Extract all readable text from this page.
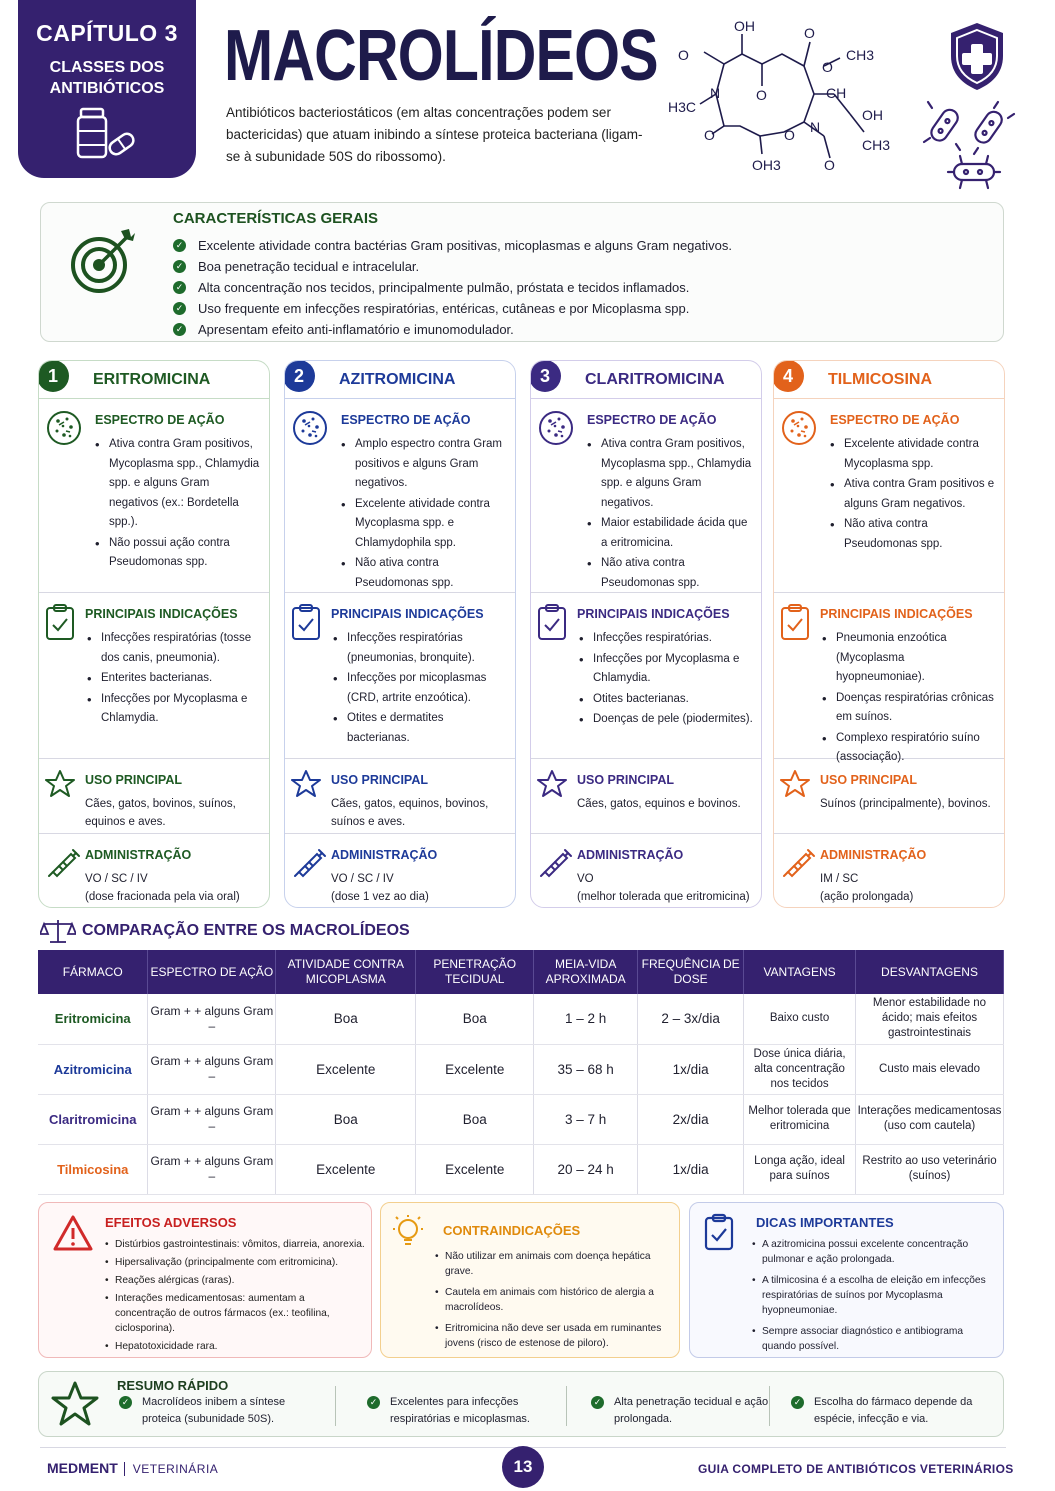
CAPÍTULO 3
CLASSES DOS ANTIBIÓTICOS MACROLÍDEOS
Antibióticos bacteriostáticos (em altas concentrações podem ser bactericidas) que atuam inibindo a síntese proteica bacteriana (ligam-se à subunidade 50S do ribossomo).
OH	O
O
CH3
H3C
N
O
O	CH
OH
CH3
O	N
OH3	O
O
CARACTERÍSTICAS GERAIS
✓ Excelente atividade contra bactérias Gram positivas, micoplasmas e alguns Gram negativos.
✓ Boa penetração tecidual e intracelular.
✓ Alta concentração nos tecidos, principalmente pulmão, próstata e tecidos inflamados.
✓ Uso frequente em infecções respiratórias, entéricas, cutâneas e por Micoplasma spp.
✓ Apresentam efeito anti-inflamatório e imunomodulador.
1	ERITROMICINA
ESPECTRO DE AÇÃO
• Ativa contra Gram positivos, Mycoplasma spp., Chlamydia spp. e alguns Gram negativos (ex.: Bordetella spp.).
• Não possui ação contra Pseudomonas spp.
PRINCIPAIS INDICAÇÕES
• Infecções respiratórias (tosse dos canis, pneumonia).
• Enterites bacterianas.
• Infecções por Mycoplasma e Chlamydia.
USO PRINCIPAL

Cães, gatos, bovinos, suínos, equinos e aves.

ADMINISTRAÇÃO

VO / SC / IV
(dose fracionada pela via oral)

2	AZITROMICINA
ESPECTRO DE AÇÃO
• Amplo espectro contra Gram positivos e alguns Gram negativos.
• Excelente atividade contra Mycoplasma spp. e Chlamydophila spp.
• Não ativa contra Pseudomonas spp.
PRINCIPAIS INDICAÇÕES
• Infecções respiratórias (pneumonias, bronquite).
• Infecções por micoplasmas (CRD, artrite enzoótica).
• Otites e dermatites bacterianas.
USO PRINCIPAL

Cães, gatos, equinos, bovinos, suínos e aves.

ADMINISTRAÇÃO

VO / SC / IV
(dose 1 vez ao dia)

3	CLARITROMICINA
ESPECTRO DE AÇÃO
• Ativa contra Gram positivos, Mycoplasma spp., Chlamydia spp. e alguns Gram negativos.
• Maior estabilidade ácida que a eritromicina.
• Não ativa contra Pseudomonas spp.
PRINCIPAIS INDICAÇÕES
• Infecções respiratórias.
• Infecções por Mycoplasma e Chlamydia.
• Otites bacterianas.
• Doenças de pele (piodermites).
USO PRINCIPAL

Cães, gatos, equinos e bovinos.

ADMINISTRAÇÃO

VO
(melhor tolerada que eritromicina)

4	TILMICOSINA
ESPECTRO DE AÇÃO
• Excelente atividade contra Mycoplasma spp.
• Ativa contra Gram positivos e alguns Gram negativos.
• Não ativa contra Pseudomonas spp.
PRINCIPAIS INDICAÇÕES
• Pneumonia enzoótica (Mycoplasma hyopneumoniae).
• Doenças respiratórias crônicas em suínos.
• Complexo respiratório suíno (associação).
USO PRINCIPAL

Suínos (principalmente), bovinos.

ADMINISTRAÇÃO

IM / SC
(ação prolongada)

COMPARAÇÃO ENTRE OS MACROLÍDEOS
FÁRMACO	ESPECTRO DE AÇÃO	ATIVIDADE CONTRA MICOPLASMA	PENETRAÇÃO TECIDUAL	MEIA-VIDA APROXIMADA	FREQUÊNCIA DE DOSE	VANTAGENS	DESVANTAGENS
Eritromicina	Gram + + alguns Gram –	Boa	Boa	1 – 2 h	2 – 3x/dia	Baixo custo	Menor estabilidade no ácido; mais efeitos gastrointestinais
Azitromicina	Gram + + alguns Gram –	Excelente	Excelente	35 – 68 h	1x/dia	Dose única diária, alta concentração nos tecidos	Custo mais elevado
Claritromicina	Gram + + alguns Gram –	Boa	Boa	3 – 7 h	2x/dia	Melhor tolerada que eritromicina	Interações medicamentosas (uso com cautela)
Tilmicosina	Gram + + alguns Gram –	Excelente	Excelente	20 – 24 h	1x/dia	Longa ação, ideal para suínos	Restrito ao uso veterinário (suínos)
EFEITOS ADVERSOS
• Distúrbios gastrointestinais: vômitos, diarreia, anorexia.
• Hipersalivação (principalmente com eritromicina).
• Reações alérgicas (raras).
• Interações medicamentosas: aumentam a concentração de outros fármacos (ex.: teofilina, ciclosporina).
• Hepatotoxicidade rara.
CONTRAINDICAÇÕES
• Não utilizar em animais com doença hepática grave.
• Cautela em animais com histórico de alergia a macrolídeos.
• Eritromicina não deve ser usada em ruminantes jovens (risco de estenose de piloro).
DICAS IMPORTANTES
• A azitromicina possui excelente concentração pulmonar e ação prolongada.
• A tilmicosina é a escolha de eleição em infecções respiratórias de suínos por Mycoplasma hyopneumoniae.
• Sempre associar diagnóstico e antibiograma quando possível.
RESUMO RÁPIDO
✓ Macrolídeos inibem a síntese proteica (subunidade 50S).
✓ Excelentes para infecções respiratórias e micoplasmas.
✓ Alta penetração tecidual e ação prolongada.
✓ Escolha do fármaco depende da espécie, infecção e via.
MEDMENT VETERINÁRIA	13	GUIA COMPLETO DE ANTIBIÓTICOS VETERINÁRIOS
